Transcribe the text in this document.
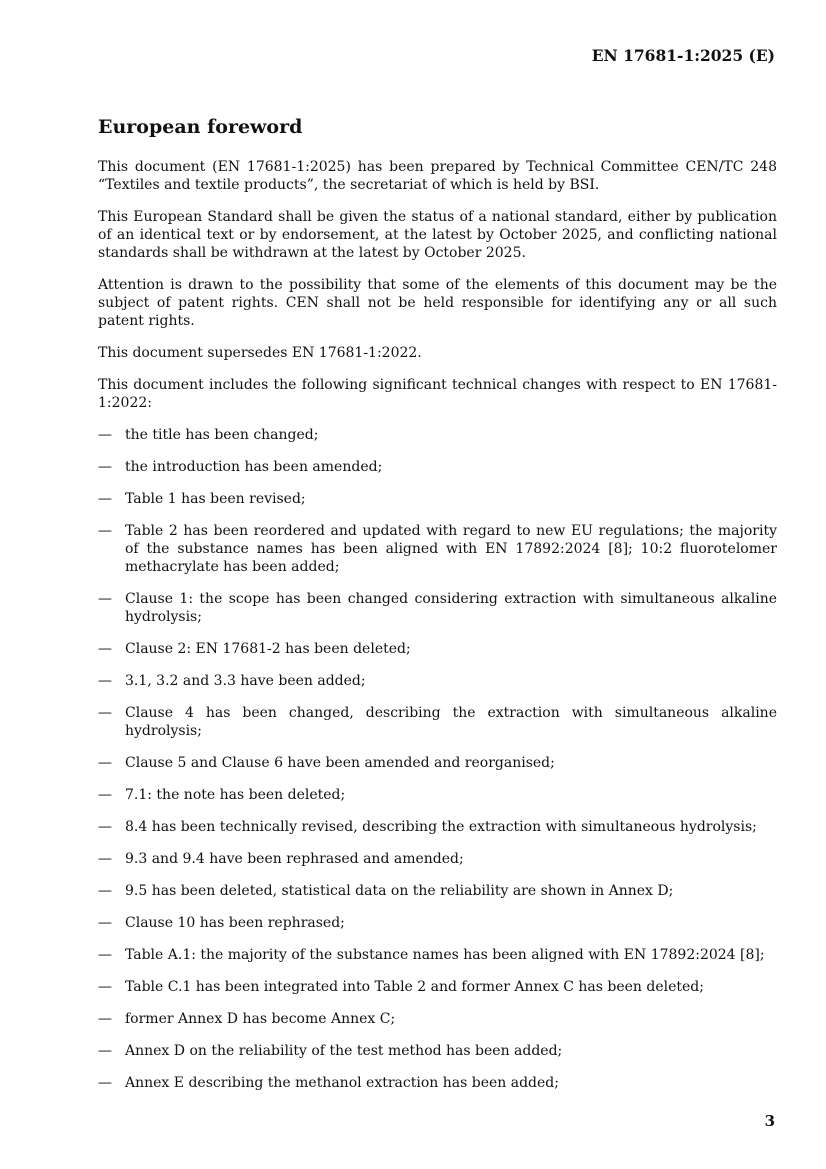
EN 17681-1:2025 (E)
European foreword

This document (EN 17681-1:2025) has been prepared by Technical Committee CEN/TC 248 “Textiles and textile products”, the secretariat of which is held by BSI.

This European Standard shall be given the status of a national standard, either by publication of an identical text or by endorsement, at the latest by October 2025, and conflicting national standards shall be withdrawn at the latest by October 2025.

Attention is drawn to the possibility that some of the elements of this document may be the subject of patent rights. CEN shall not be held responsible for identifying any or all such patent rights.

This document supersedes EN 17681-1:2022.

This document includes the following significant technical changes with respect to EN 17681-1:2022:

— the title has been changed;
— the introduction has been amended;
— Table 1 has been revised;
— Table 2 has been reordered and updated with regard to new EU regulations; the majority of the substance names has been aligned with EN 17892:2024 [8]; 10:2 fluorotelomer methacrylate has been added;
— Clause 1: the scope has been changed considering extraction with simultaneous alkaline hydrolysis;
— Clause 2: EN 17681-2 has been deleted;
— 3.1, 3.2 and 3.3 have been added;
— Clause 4 has been changed, describing the extraction with simultaneous alkaline hydrolysis;
— Clause 5 and Clause 6 have been amended and reorganised;
— 7.1: the note has been deleted;
— 8.4 has been technically revised, describing the extraction with simultaneous hydrolysis;
— 9.3 and 9.4 have been rephrased and amended;
— 9.5 has been deleted, statistical data on the reliability are shown in Annex D;
— Clause 10 has been rephrased;
— Table A.1: the majority of the substance names has been aligned with EN 17892:2024 [8];
— Table C.1 has been integrated into Table 2 and former Annex C has been deleted;
— former Annex D has become Annex C;
— Annex D on the reliability of the test method has been added;
— Annex E describing the methanol extraction has been added;
3
